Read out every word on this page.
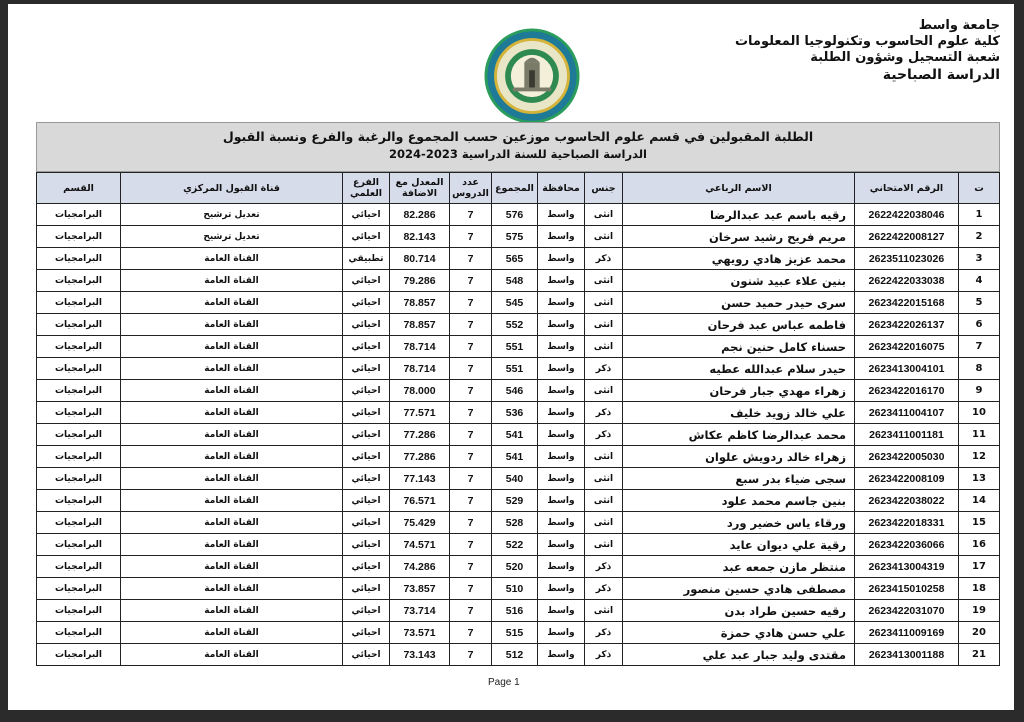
جامعة واسط
كلية علوم الحاسوب وتكنولوجيا المعلومات
شعبة التسجيل وشؤون الطلبة
الدراسة الصباحية
الطلبة المقبولين في قسم علوم الحاسوب موزعين حسب المجموع والرغبة والفرع ونسبة القبول
الدراسة الصباحية للسنة الدراسية 2023-2024
ت	الرقم الامتحاني	الاسم الرباعي	جنس	محافظة	المجموع	عدد الدروس	المعدل مع الاضافة	الفرع العلمي	قناة القبول المركزي	القسم
1	2622422038046	رقيه باسم عبد عبدالرضا	انثى	واسط	576	7	82.286	احيائي	تعديل ترشيح	البرامجيات
2	2622422008127	مريم فريح رشيد سرخان	انثى	واسط	575	7	82.143	احيائي	تعديل ترشيح	البرامجيات
3	2623511023026	محمد عزيز هادي رويهي	ذكر	واسط	565	7	80.714	تطبيقي	القناة العامة	البرامجيات
4	2622422033038	بنين علاء عبيد شنون	انثى	واسط	548	7	79.286	احيائي	القناة العامة	البرامجيات
5	2623422015168	سرى حيدر حميد حسن	انثى	واسط	545	7	78.857	احيائي	القناة العامة	البرامجيات
6	2623422026137	فاطمه عباس عبد فرحان	انثى	واسط	552	7	78.857	احيائي	القناة العامة	البرامجيات
7	2623422016075	حسناء كامل حنين نجم	انثى	واسط	551	7	78.714	احيائي	القناة العامة	البرامجيات
8	2623413004101	حيدر سلام عبدالله عطيه	ذكر	واسط	551	7	78.714	احيائي	القناة العامة	البرامجيات
9	2623422016170	زهراء مهدي جبار فرحان	انثى	واسط	546	7	78.000	احيائي	القناة العامة	البرامجيات
10	2623411004107	علي خالد زويد خليف	ذكر	واسط	536	7	77.571	احيائي	القناة العامة	البرامجيات
11	2623411001181	محمد عبدالرضا كاظم عكاش	ذكر	واسط	541	7	77.286	احيائي	القناة العامة	البرامجيات
12	2623422005030	زهراء خالد ردويش علوان	انثى	واسط	541	7	77.286	احيائي	القناة العامة	البرامجيات
13	2623422008109	سجى ضياء بدر سبع	انثى	واسط	540	7	77.143	احيائي	القناة العامة	البرامجيات
14	2623422038022	بنين جاسم محمد علود	انثى	واسط	529	7	76.571	احيائي	القناة العامة	البرامجيات
15	2623422018331	ورقاء ياس خضير ورد	انثى	واسط	528	7	75.429	احيائي	القناة العامة	البرامجيات
16	2623422036066	رقية علي ديوان عايد	انثى	واسط	522	7	74.571	احيائي	القناة العامة	البرامجيات
17	2623413004319	منتظر مازن جمعه عبد	ذكر	واسط	520	7	74.286	احيائي	القناة العامة	البرامجيات
18	2623415010258	مصطفى هادي حسين منصور	ذكر	واسط	510	7	73.857	احيائي	القناة العامة	البرامجيات
19	2623422031070	رقيه حسين طراد بدن	انثى	واسط	516	7	73.714	احيائي	القناة العامة	البرامجيات
20	2623411009169	علي حسن هادي حمزة	ذكر	واسط	515	7	73.571	احيائي	القناة العامة	البرامجيات
21	2623413001188	مقتدى وليد جبار عبد علي	ذكر	واسط	512	7	73.143	احيائي	القناة العامة	البرامجيات
Page 1
